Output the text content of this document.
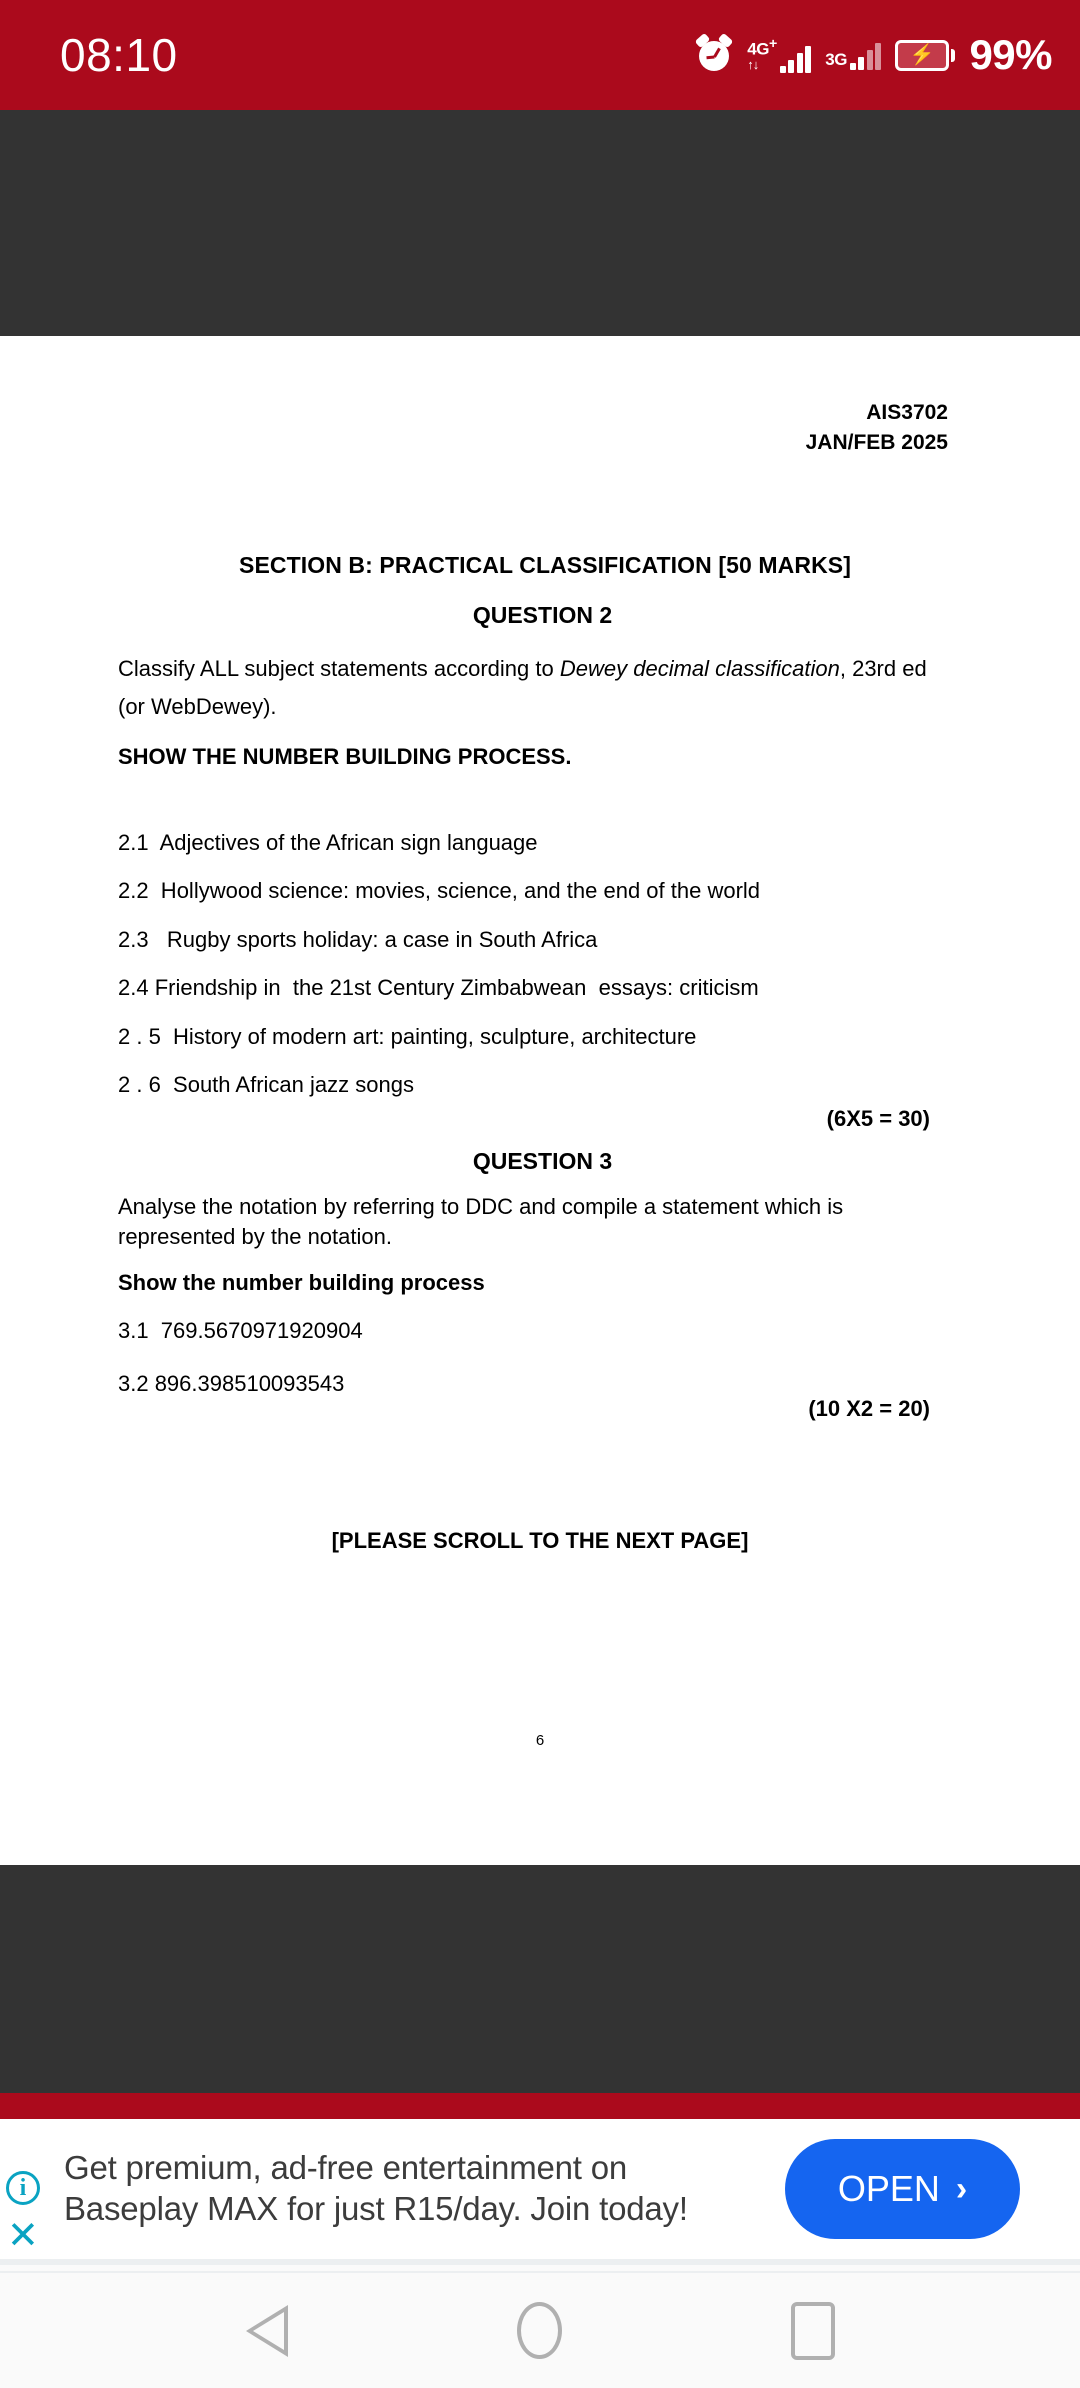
08:10	4G+
↑↓	3G	⚡ 99%
AIS3702
JAN/FEB 2025
SECTION B: PRACTICAL CLASSIFICATION [50 MARKS]
QUESTION 2
Classify ALL subject statements according to Dewey decimal classification, 23rd ed (or WebDewey).
SHOW THE NUMBER BUILDING PROCESS.
2.1  Adjectives of the African sign language
2.2  Hollywood science: movies, science, and the end of the world
2.3   Rugby sports holiday: a case in South Africa
2.4 Friendship in  the 21st Century Zimbabwean  essays: criticism
2 . 5  History of modern art: painting, sculpture, architecture
2 . 6  South African jazz songs
(6X5 = 30)
QUESTION 3
Analyse the notation by referring to DDC and compile a statement which is represented by the notation.
Show the number building process
3.1  769.5670971920904
3.2 896.398510093543
(10 X2 = 20)
[PLEASE SCROLL TO THE NEXT PAGE]
6
i
✕
Get premium, ad-free entertainment on Baseplay MAX for just R15/day. Join today!	OPEN ›
